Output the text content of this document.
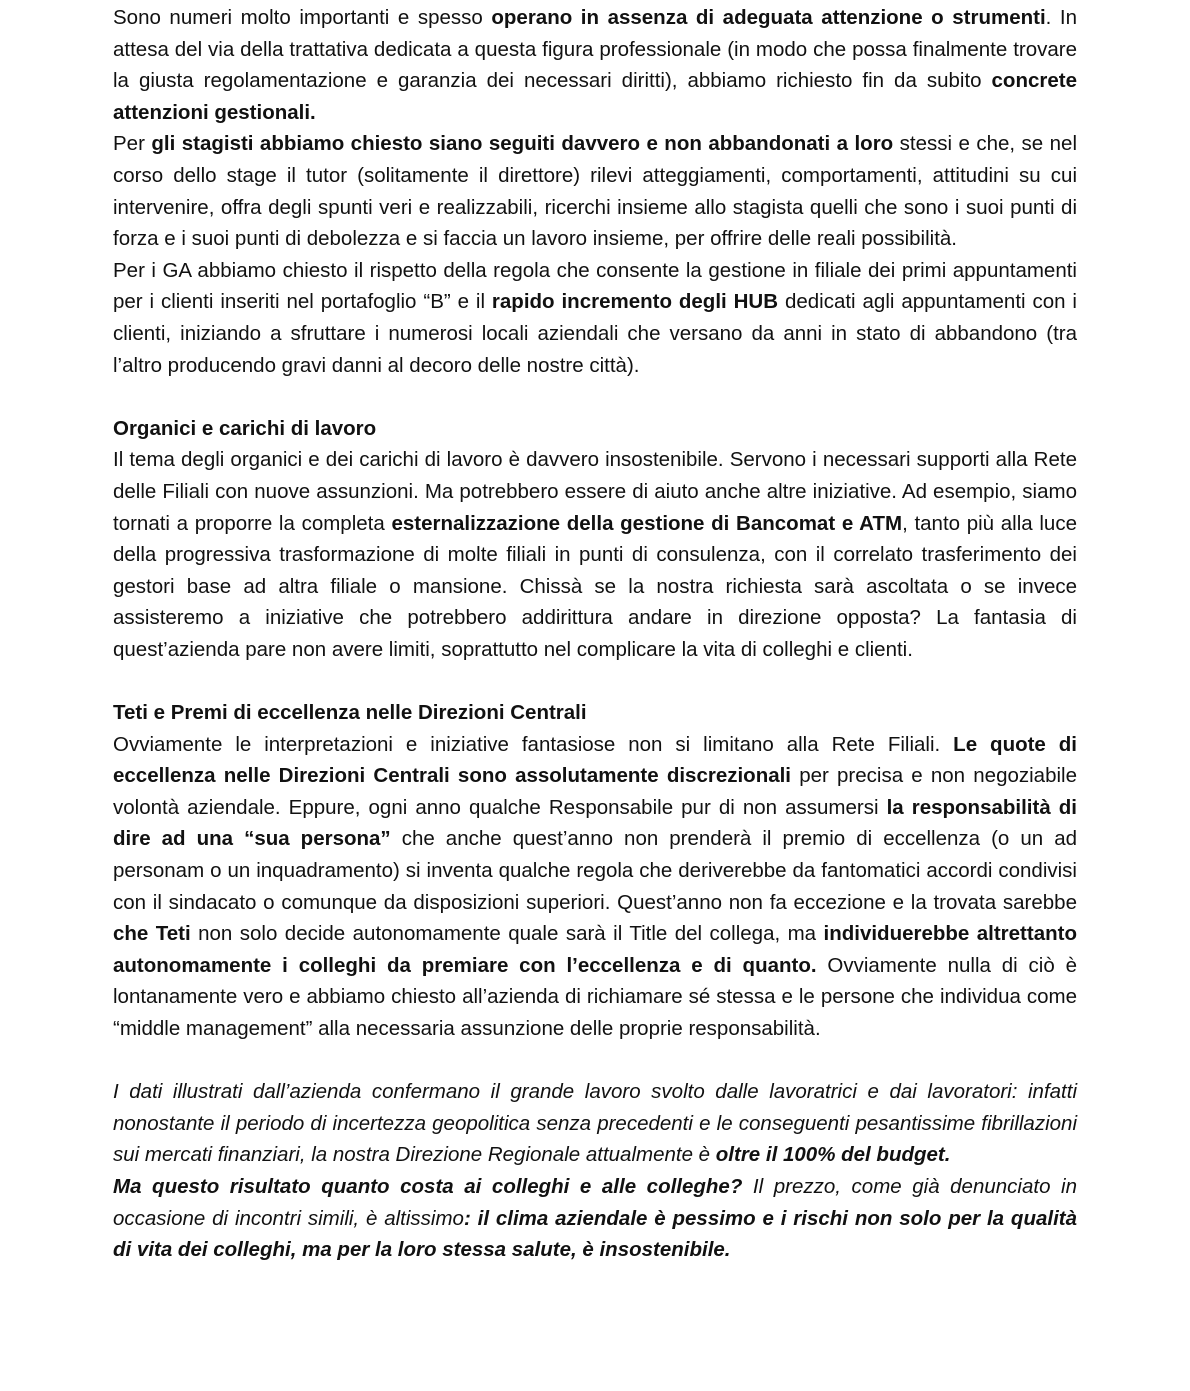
Sono numeri molto importanti e spesso operano in assenza di adeguata attenzione o strumenti. In attesa del via della trattativa dedicata a questa figura professionale (in modo che possa finalmente trovare la giusta regolamentazione e garanzia dei necessari diritti), abbiamo richiesto fin da subito concrete attenzioni gestionali.

Per gli stagisti abbiamo chiesto siano seguiti davvero e non abbandonati a loro stessi e che, se nel corso dello stage il tutor (solitamente il direttore) rilevi atteggiamenti, comportamenti, attitudini su cui intervenire, offra degli spunti veri e realizzabili, ricerchi insieme allo stagista quelli che sono i suoi punti di forza e i suoi punti di debolezza e si faccia un lavoro insieme, per offrire delle reali possibilità.

Per i GA abbiamo chiesto il rispetto della regola che consente la gestione in filiale dei primi appuntamenti per i clienti inseriti nel portafoglio “B” e il rapido incremento degli HUB dedicati agli appuntamenti con i clienti, iniziando a sfruttare i numerosi locali aziendali che versano da anni in stato di abbandono (tra l’altro producendo gravi danni al decoro delle nostre città).

Organici e carichi di lavoro

Il tema degli organici e dei carichi di lavoro è davvero insostenibile. Servono i necessari supporti alla Rete delle Filiali con nuove assunzioni. Ma potrebbero essere di aiuto anche altre iniziative. Ad esempio, siamo tornati a proporre la completa esternalizzazione della gestione di Bancomat e ATM, tanto più alla luce della progressiva trasformazione di molte filiali in punti di consulenza, con il correlato trasferimento dei gestori base ad altra filiale o mansione. Chissà se la nostra richiesta sarà ascoltata o se invece assisteremo a iniziative che potrebbero addirittura andare in direzione opposta? La fantasia di quest’azienda pare non avere limiti, soprattutto nel complicare la vita di colleghi e clienti.

Teti e Premi di eccellenza nelle Direzioni Centrali

Ovviamente le interpretazioni e iniziative fantasiose non si limitano alla Rete Filiali. Le quote di eccellenza nelle Direzioni Centrali sono assolutamente discrezionali per precisa e non negoziabile volontà aziendale. Eppure, ogni anno qualche Responsabile pur di non assumersi la responsabilità di dire ad una “sua persona” che anche quest’anno non prenderà il premio di eccellenza (o un ad personam o un inquadramento) si inventa qualche regola che deriverebbe da fantomatici accordi condivisi con il sindacato o comunque da disposizioni superiori. Quest’anno non fa eccezione e la trovata sarebbe che Teti non solo decide autonomamente quale sarà il Title del collega, ma individuerebbe altrettanto autonomamente i colleghi da premiare con l’eccellenza e di quanto. Ovviamente nulla di ciò è lontanamente vero e abbiamo chiesto all’azienda di richiamare sé stessa e le persone che individua come “middle management” alla necessaria assunzione delle proprie responsabilità.

I dati illustrati dall’azienda confermano il grande lavoro svolto dalle lavoratrici e dai lavoratori: infatti nonostante il periodo di incertezza geopolitica senza precedenti e le conseguenti pesantissime fibrillazioni sui mercati finanziari, la nostra Direzione Regionale attualmente è oltre il 100% del budget.

Ma questo risultato quanto costa ai colleghi e alle colleghe? Il prezzo, come già denunciato in occasione di incontri simili, è altissimo: il clima aziendale è pessimo e i rischi non solo per la qualità di vita dei colleghi, ma per la loro stessa salute, è insostenibile.
